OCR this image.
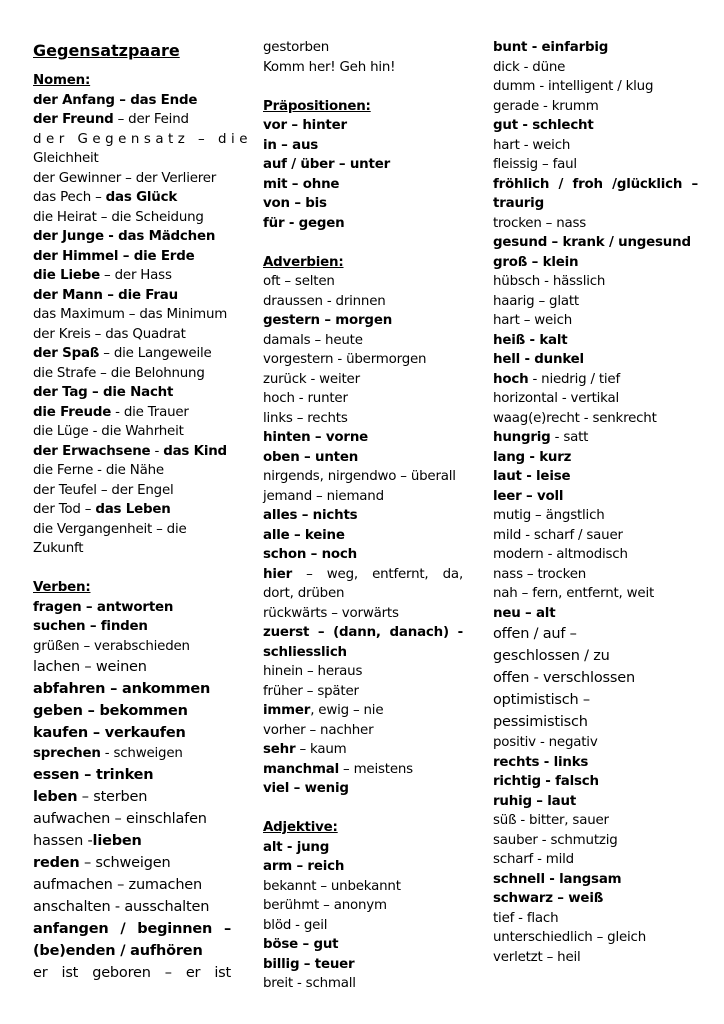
Gegensatzpaare
Nomen:
der Anfang – das Ende
der Freund – der Feind
der Gegensatz – die
Gleichheit
der Gewinner – der Verlierer
das Pech – das Glück
die Heirat – die Scheidung
der Junge - das Mädchen
der Himmel – die Erde
die Liebe – der Hass
der Mann – die Frau
das Maximum – das Minimum
der Kreis – das Quadrat
der Spaß – die Langeweile
die Strafe – die Belohnung
der Tag – die Nacht
die Freude - die Trauer
die Lüge - die Wahrheit
der Erwachsene - das Kind
die Ferne - die Nähe
der Teufel – der Engel
der Tod – das Leben
die Vergangenheit – die
Zukunft
Verben:
fragen – antworten
suchen – finden
grüßen – verabschieden
lachen – weinen
abfahren – ankommen
geben – bekommen
kaufen – verkaufen
sprechen - schweigen
essen – trinken
leben – sterben
aufwachen – einschlafen
hassen -lieben
reden – schweigen
aufmachen – zumachen
anschalten - ausschalten
anfangen / beginnen –
(be)enden / aufhören
er ist geboren – er ist
gestorben
Komm her! Geh hin!
Präpositionen:
vor – hinter
in – aus
auf / über – unter
mit – ohne
von – bis
für - gegen
Adverbien:
oft – selten
draussen - drinnen
gestern – morgen
damals – heute
vorgestern - übermorgen
zurück - weiter
hoch - runter
links – rechts
hinten – vorne
oben – unten
nirgends, nirgendwo – überall
jemand – niemand
alles – nichts
alle – keine
schon – noch
hier – weg, entfernt, da,
dort, drüben
rückwärts – vorwärts
zuerst – (dann, danach) -
schliesslich
hinein – heraus
früher – später
immer, ewig – nie
vorher – nachher
sehr – kaum
manchmal – meistens
viel – wenig
Adjektive:
alt - jung
arm – reich
bekannt – unbekannt
berühmt – anonym
blöd - geil
böse – gut
billig – teuer
breit - schmall
bunt - einfarbig
dick - düne
dumm - intelligent / klug
gerade - krumm
gut - schlecht
hart - weich
fleissig – faul
fröhlich / froh /glücklich –
traurig
trocken – nass
gesund – krank / ungesund
groß – klein
hübsch - hässlich
haarig – glatt
hart – weich
heiß - kalt
hell - dunkel
hoch - niedrig / tief
horizontal - vertikal
waag(e)recht - senkrecht
hungrig - satt
lang - kurz
laut - leise
leer – voll
mutig – ängstlich
mild - scharf / sauer
modern - altmodisch
nass – trocken
nah – fern, entfernt, weit
neu – alt
offen / auf –
geschlossen / zu
offen - verschlossen
optimistisch –
pessimistisch
positiv - negativ
rechts - links
richtig - falsch
ruhig – laut
süß - bitter, sauer
sauber - schmutzig
scharf - mild
schnell - langsam
schwarz – weiß
tief - flach
unterschiedlich – gleich
verletzt – heil
